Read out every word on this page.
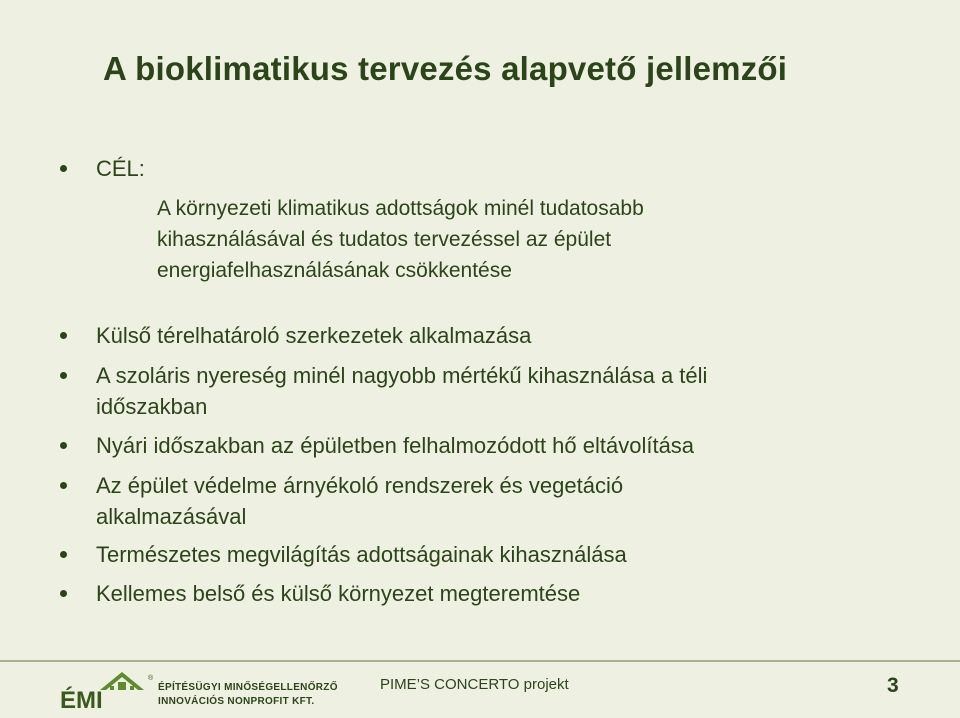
A bioklimatikus tervezés alapvető jellemzői
CÉL:
A környezeti klimatikus adottságok minél tudatosabb
kihasználásával és tudatos tervezéssel az épület
energiafelhasználásának csökkentése
Külső térelhatároló szerkezetek alkalmazása
A szoláris nyereség minél nagyobb mértékű kihasználása a téli
időszakban
Nyári időszakban az épületben felhalmozódott hő eltávolítása
Az épület védelme árnyékoló rendszerek és vegetáció
alkalmazásával
Természetes megvilágítás adottságainak kihasználása
Kellemes belső és külső környezet megteremtése
ÉMI
®
ÉPÍTÉSÜGYI MINŐSÉGELLENŐRZŐ
INNOVÁCIÓS NONPROFIT KFT.
PIME’S CONCERTO projekt	3
